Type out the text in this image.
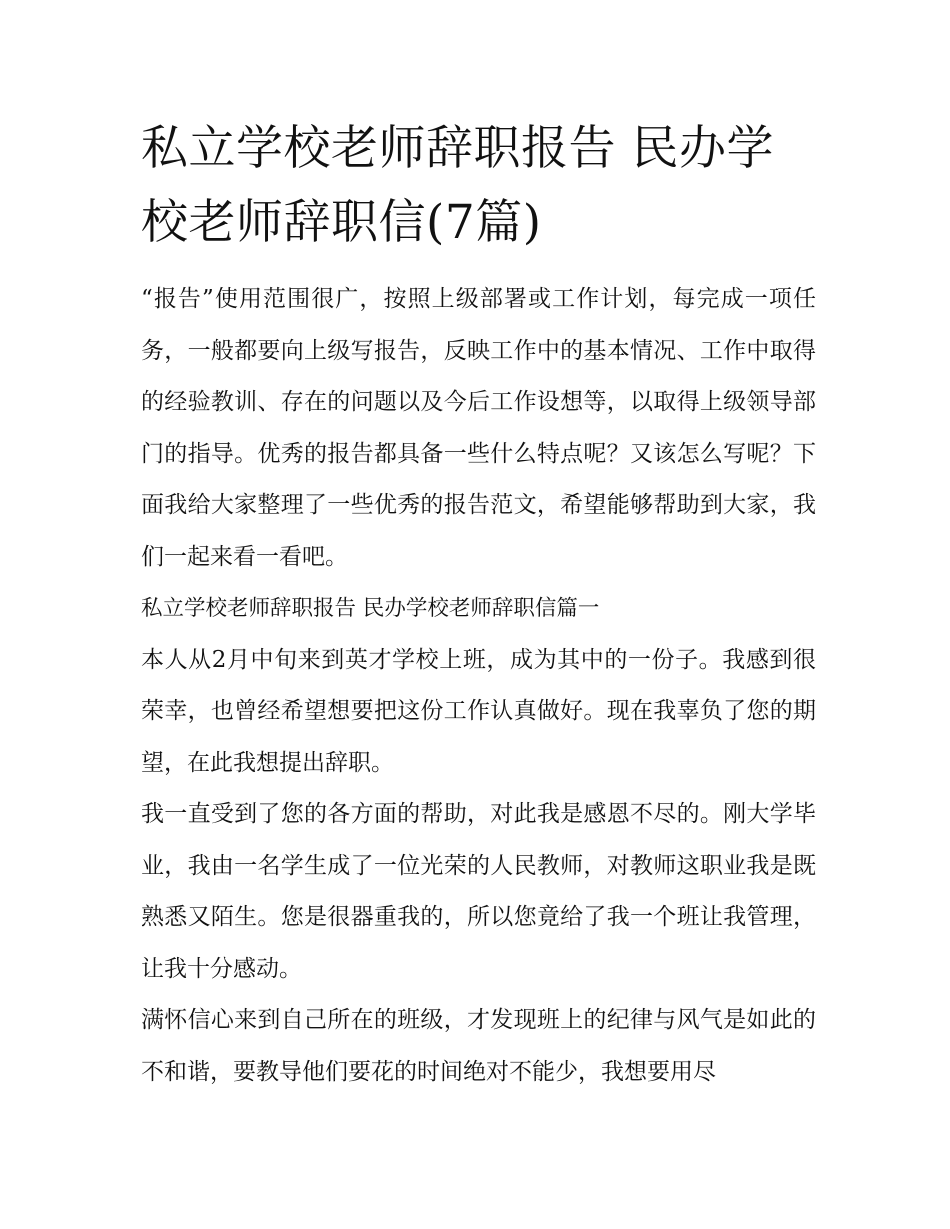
私立学校老师辞职报告 民办学校老师辞职信(7篇)

“报告”使用范围很广，按照上级部署或工作计划，每完成一项任务，一般都要向上级写报告，反映工作中的基本情况、工作中取得的经验教训、存在的问题以及今后工作设想等，以取得上级领导部门的指导。优秀的报告都具备一些什么特点呢？又该怎么写呢？下面我给大家整理了一些优秀的报告范文，希望能够帮助到大家，我们一起来看一看吧。

私立学校老师辞职报告 民办学校老师辞职信篇一

本人从2月中旬来到英才学校上班，成为其中的一份子。我感到很荣幸，也曾经希望想要把这份工作认真做好。现在我辜负了您的期望，在此我想提出辞职。

我一直受到了您的各方面的帮助，对此我是感恩不尽的。刚大学毕业，我由一名学生成了一位光荣的人民教师，对教师这职业我是既熟悉又陌生。您是很器重我的，所以您竟给了我一个班让我管理，让我十分感动。

满怀信心来到自己所在的班级，才发现班上的纪律与风气是如此的不和谐，要教导他们要花的时间绝对不能少，我想要用尽
